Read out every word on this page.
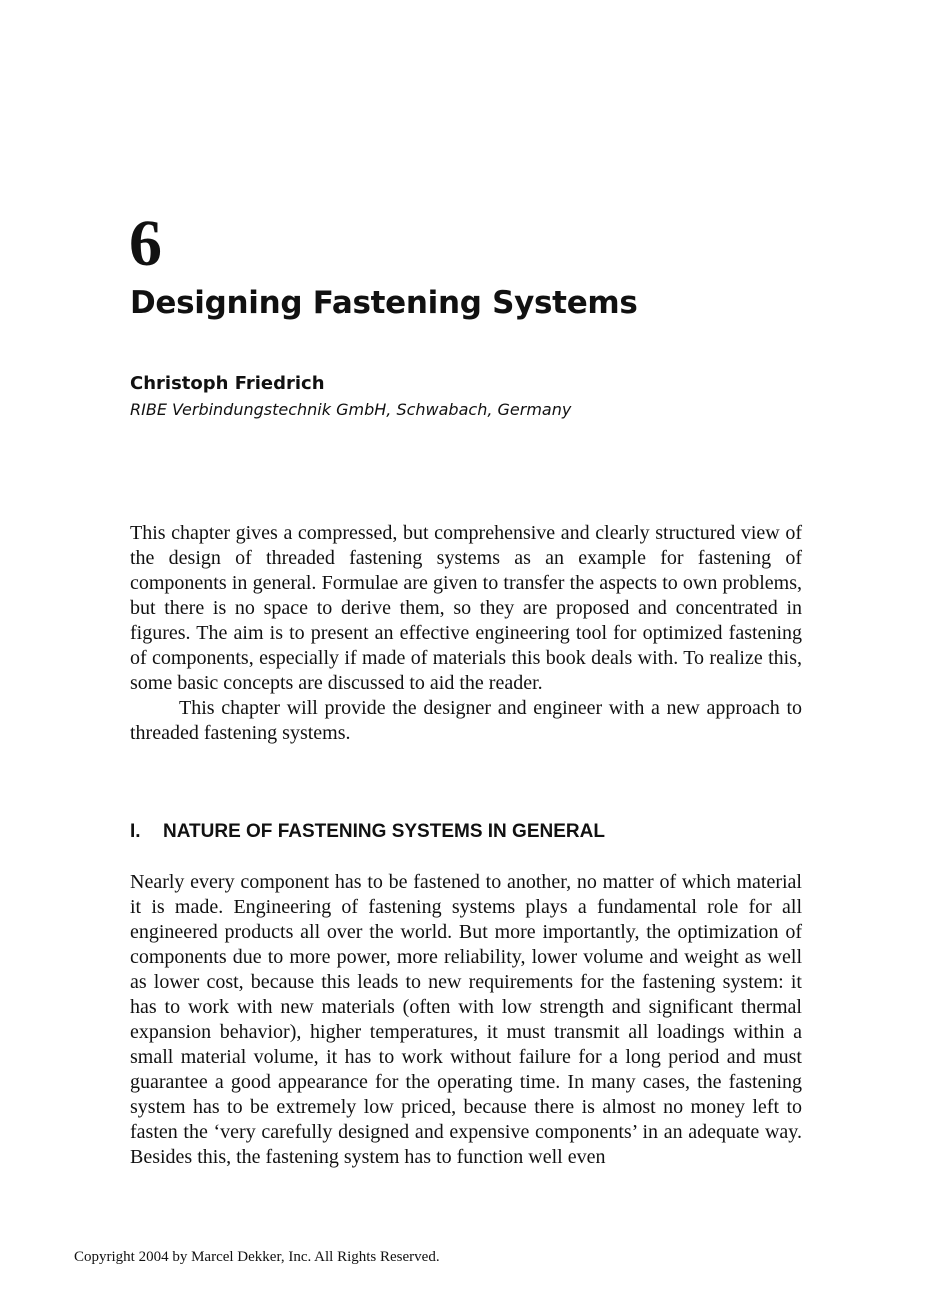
6
Designing Fastening Systems
Christoph Friedrich
RIBE Verbindungstechnik GmbH, Schwabach, Germany

This chapter gives a compressed, but comprehensive and clearly structured view of the design of threaded fastening systems as an example for fastening of components in general. Formulae are given to transfer the aspects to own problems, but there is no space to derive them, so they are proposed and concentrated in figures. The aim is to present an effective engineering tool for optimized fastening of components, especially if made of materials this book deals with. To realize this, some basic concepts are discussed to aid the reader.

This chapter will provide the designer and engineer with a new approach to threaded fastening systems.

I. NATURE OF FASTENING SYSTEMS IN GENERAL

Nearly every component has to be fastened to another, no matter of which material it is made. Engineering of fastening systems plays a fundamental role for all engineered products all over the world. But more importantly, the optimization of components due to more power, more reliability, lower volume and weight as well as lower cost, because this leads to new requirements for the fastening system: it has to work with new materials (often with low strength and significant thermal expansion behavior), higher temperatures, it must transmit all loadings within a small material volume, it has to work without failure for a long period and must guarantee a good appearance for the operating time. In many cases, the fastening system has to be extremely low priced, because there is almost no money left to fasten the ‘very carefully designed and expensive components’ in an adequate way. Besides this, the fastening system has to function well even

Copyright 2004 by Marcel Dekker, Inc. All Rights Reserved.
